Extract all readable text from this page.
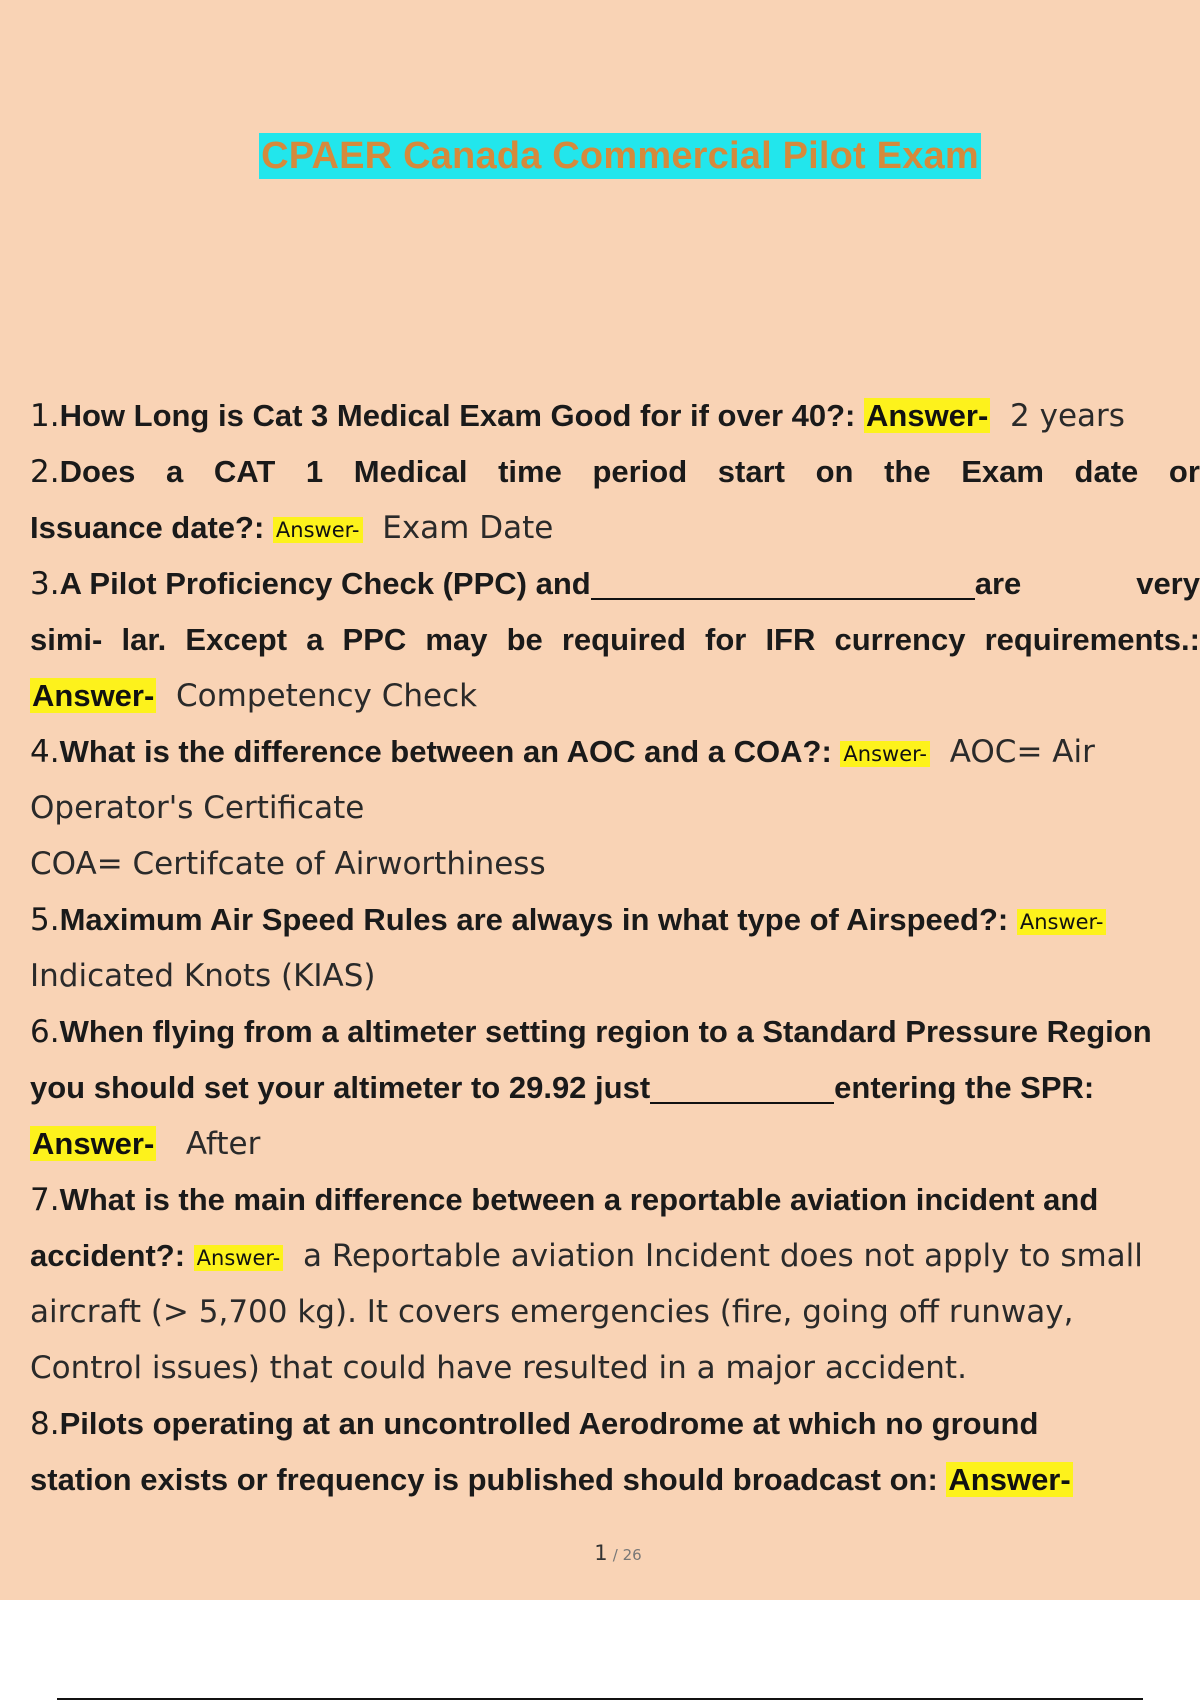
CPAER Canada Commercial Pilot Exam
1.How Long is Cat 3 Medical Exam Good for if over 40?: Answer- 2 years
2.Does a CAT 1 Medical time period start on the Exam date or
Issuance date?: Answer- Exam Date
3.A Pilot Proficiency Check (PPC) and	are	very
simi- lar. Except a PPC may be required for IFR currency requirements.:
Answer- Competency Check
4.What is the difference between an AOC and a COA?: Answer- AOC= Air
Operator's Certificate
COA= Certifcate of Airworthiness
5.Maximum Air Speed Rules are always in what type of Airspeed?: Answer-
Indicated Knots (KIAS)
6.When flying from a altimeter setting region to a Standard Pressure Region
you should set your altimeter to 29.92 just	entering the SPR:
Answer- After
7.What is the main difference between a reportable aviation incident and
accident?: Answer- a Reportable aviation Incident does not apply to small
aircraft (> 5,700 kg). It covers emergencies (fire, going off runway,
Control issues) that could have resulted in a major accident.
8.Pilots operating at an uncontrolled Aerodrome at which no ground
station exists or frequency is published should broadcast on: Answer-
1 / 26
